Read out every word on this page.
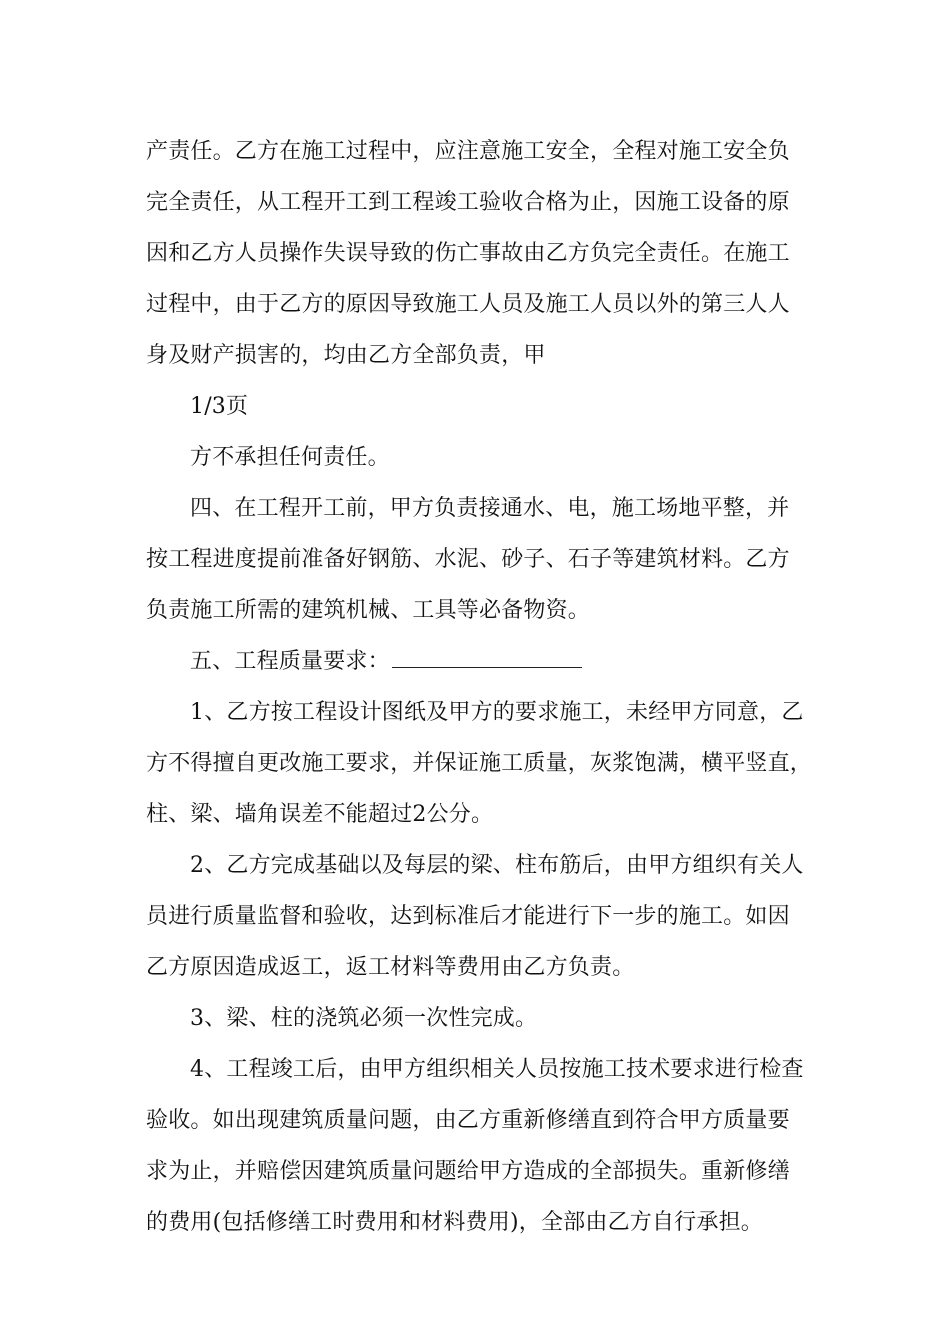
产责任。乙方在施工过程中，应注意施工安全，全程对施工安全负
完全责任，从工程开工到工程竣工验收合格为止，因施工设备的原
因和乙方人员操作失误导致的伤亡事故由乙方负完全责任。在施工
过程中，由于乙方的原因导致施工人员及施工人员以外的第三人人
身及财产损害的，均由乙方全部负责，甲
1/3页
方不承担任何责任。
四、在工程开工前，甲方负责接通水、电，施工场地平整，并
按工程进度提前准备好钢筋、水泥、砂子、石子等建筑材料。乙方
负责施工所需的建筑机械、工具等必备物资。
五、工程质量要求：
1、乙方按工程设计图纸及甲方的要求施工，未经甲方同意，乙
方不得擅自更改施工要求，并保证施工质量，灰浆饱满，横平竖直，
柱、梁、墙角误差不能超过2公分。
2、乙方完成基础以及每层的梁、柱布筋后，由甲方组织有关人
员进行质量监督和验收，达到标准后才能进行下一步的施工。如因
乙方原因造成返工，返工材料等费用由乙方负责。
3、梁、柱的浇筑必须一次性完成。
4、工程竣工后，由甲方组织相关人员按施工技术要求进行检查
验收。如出现建筑质量问题，由乙方重新修缮直到符合甲方质量要
求为止，并赔偿因建筑质量问题给甲方造成的全部损失。重新修缮
的费用(包括修缮工时费用和材料费用)，全部由乙方自行承担。
